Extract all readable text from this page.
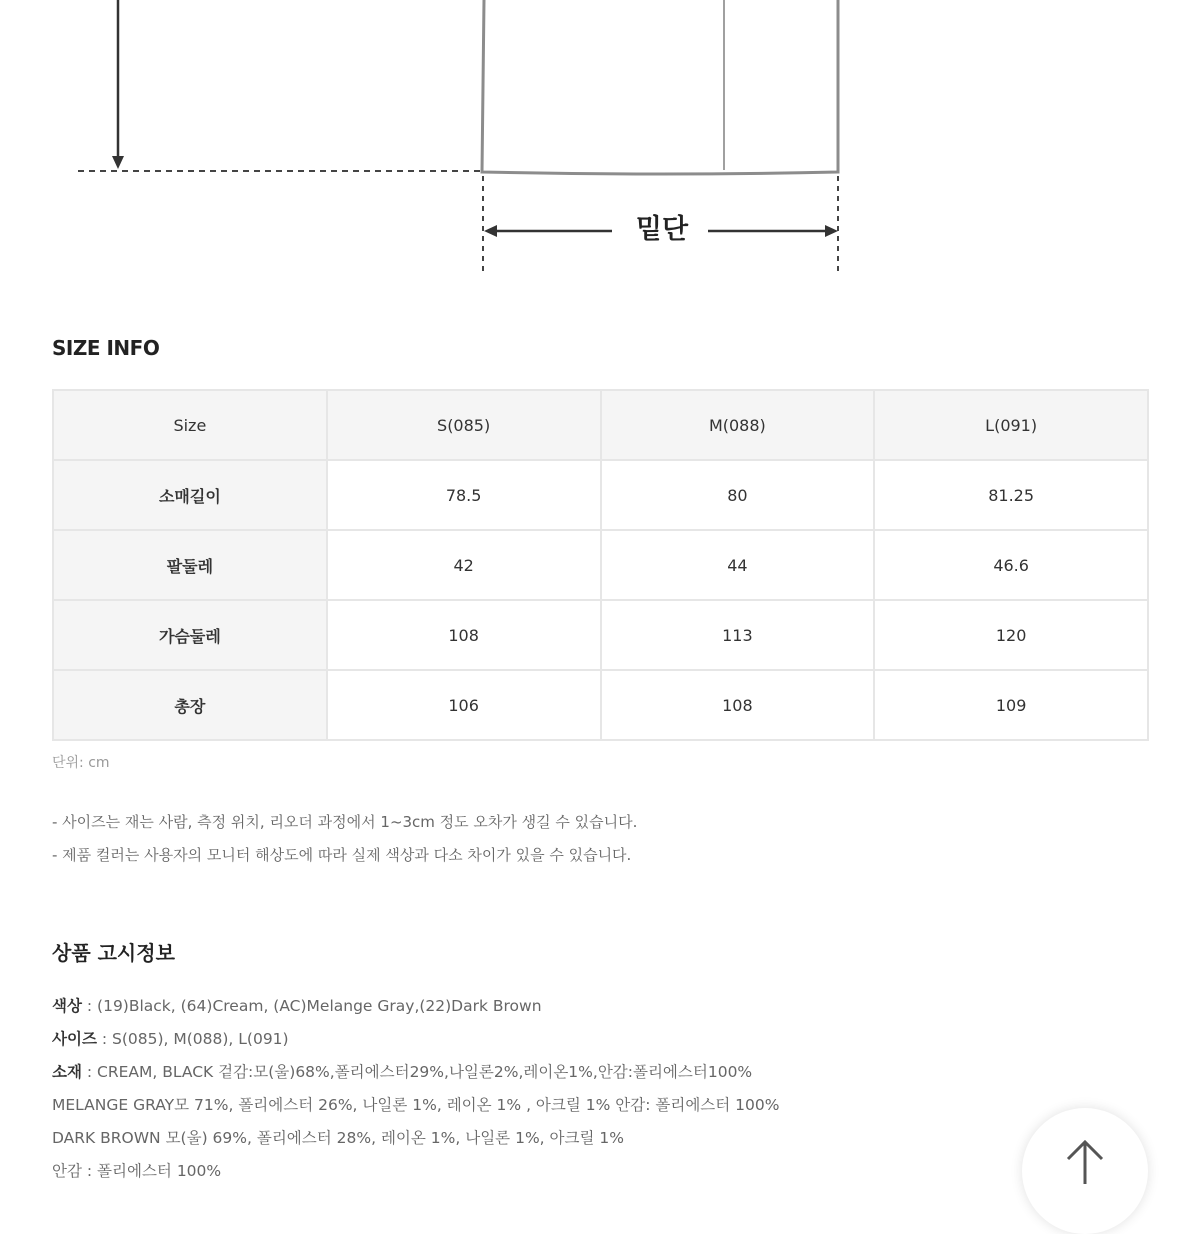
밑단
SIZE INFO
Size	S(085)	M(088)	L(091)
소매길이	78.5	80	81.25
팔둘레	42	44	46.6
가슴둘레	108	113	120
총장	106	108	109
단위: cm
- 사이즈는 재는 사람, 측정 위치, 리오더 과정에서 1~3cm 정도 오차가 생길 수 있습니다.
- 제품 컬러는 사용자의 모니터 해상도에 따라 실제 색상과 다소 차이가 있을 수 있습니다.
상품 고시정보
색상 : (19)Black, (64)Cream, (AC)Melange Gray,(22)Dark Brown
사이즈 : S(085), M(088), L(091)
소재 : CREAM, BLACK 겉감:모(울)68%,폴리에스터29%,나일론2%,레이온1%,안감:폴리에스터100%
MELANGE GRAY모 71%, 폴리에스터 26%, 나일론 1%, 레이온 1% , 아크릴 1% 안감: 폴리에스터 100%
DARK BROWN 모(울) 69%, 폴리에스터 28%, 레이온 1%, 나일론 1%, 아크릴 1%
안감 : 폴리에스터 100%
